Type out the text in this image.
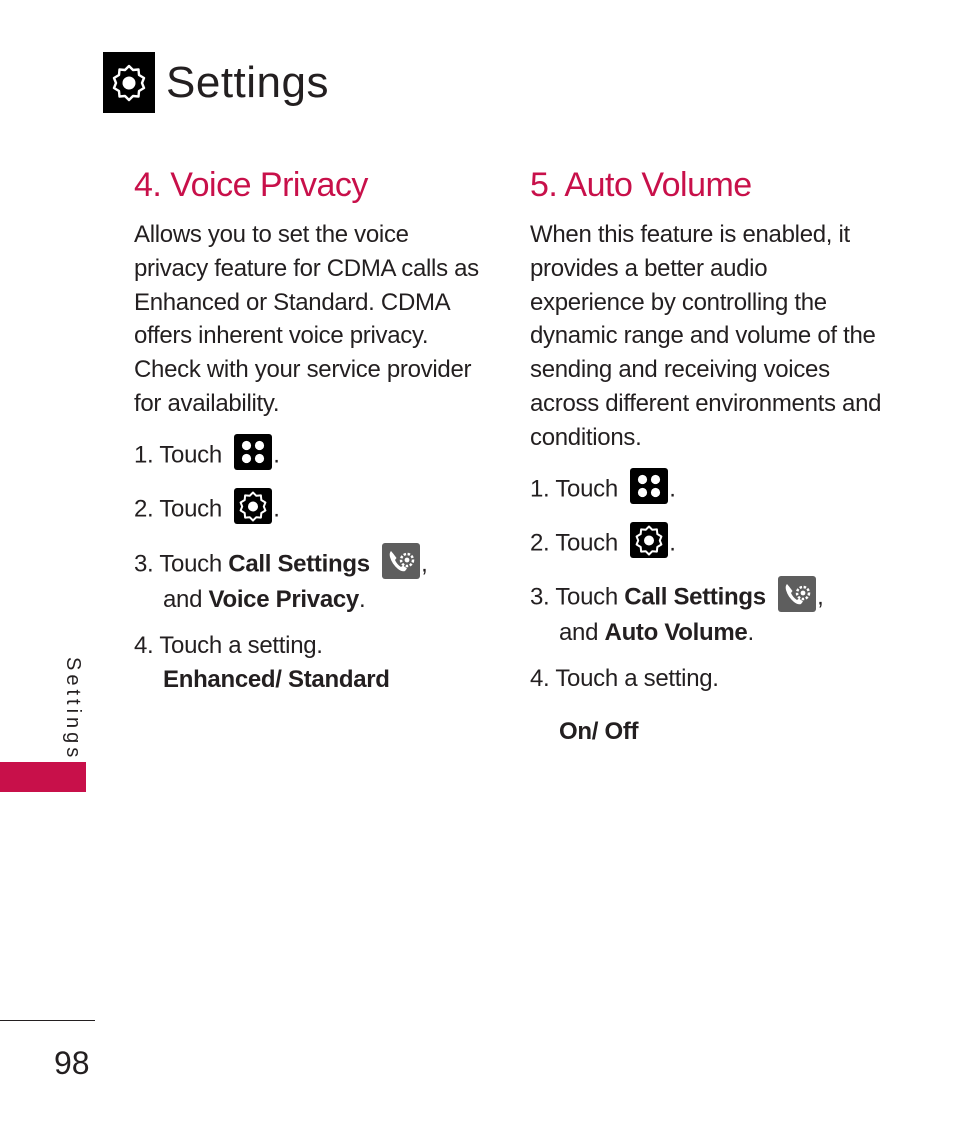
Settings
4. Voice Privacy

Allows you to set the voice privacy feature for CDMA calls as Enhanced or Standard. CDMA offers inherent voice privacy. Check with your service provider for availability.

1. Touch .
2. Touch .
3. Touch Call Settings ,
and Voice Privacy.
4. Touch a setting.
Enhanced/ Standard
5. Auto Volume

When this feature is enabled, it provides a better audio experience by controlling the dynamic range and volume of the sending and receiving voices across different environments and conditions.

1. Touch .
2. Touch .
3. Touch Call Settings ,
and Auto Volume.
4. Touch a setting.
On/ Off
Settings
98
